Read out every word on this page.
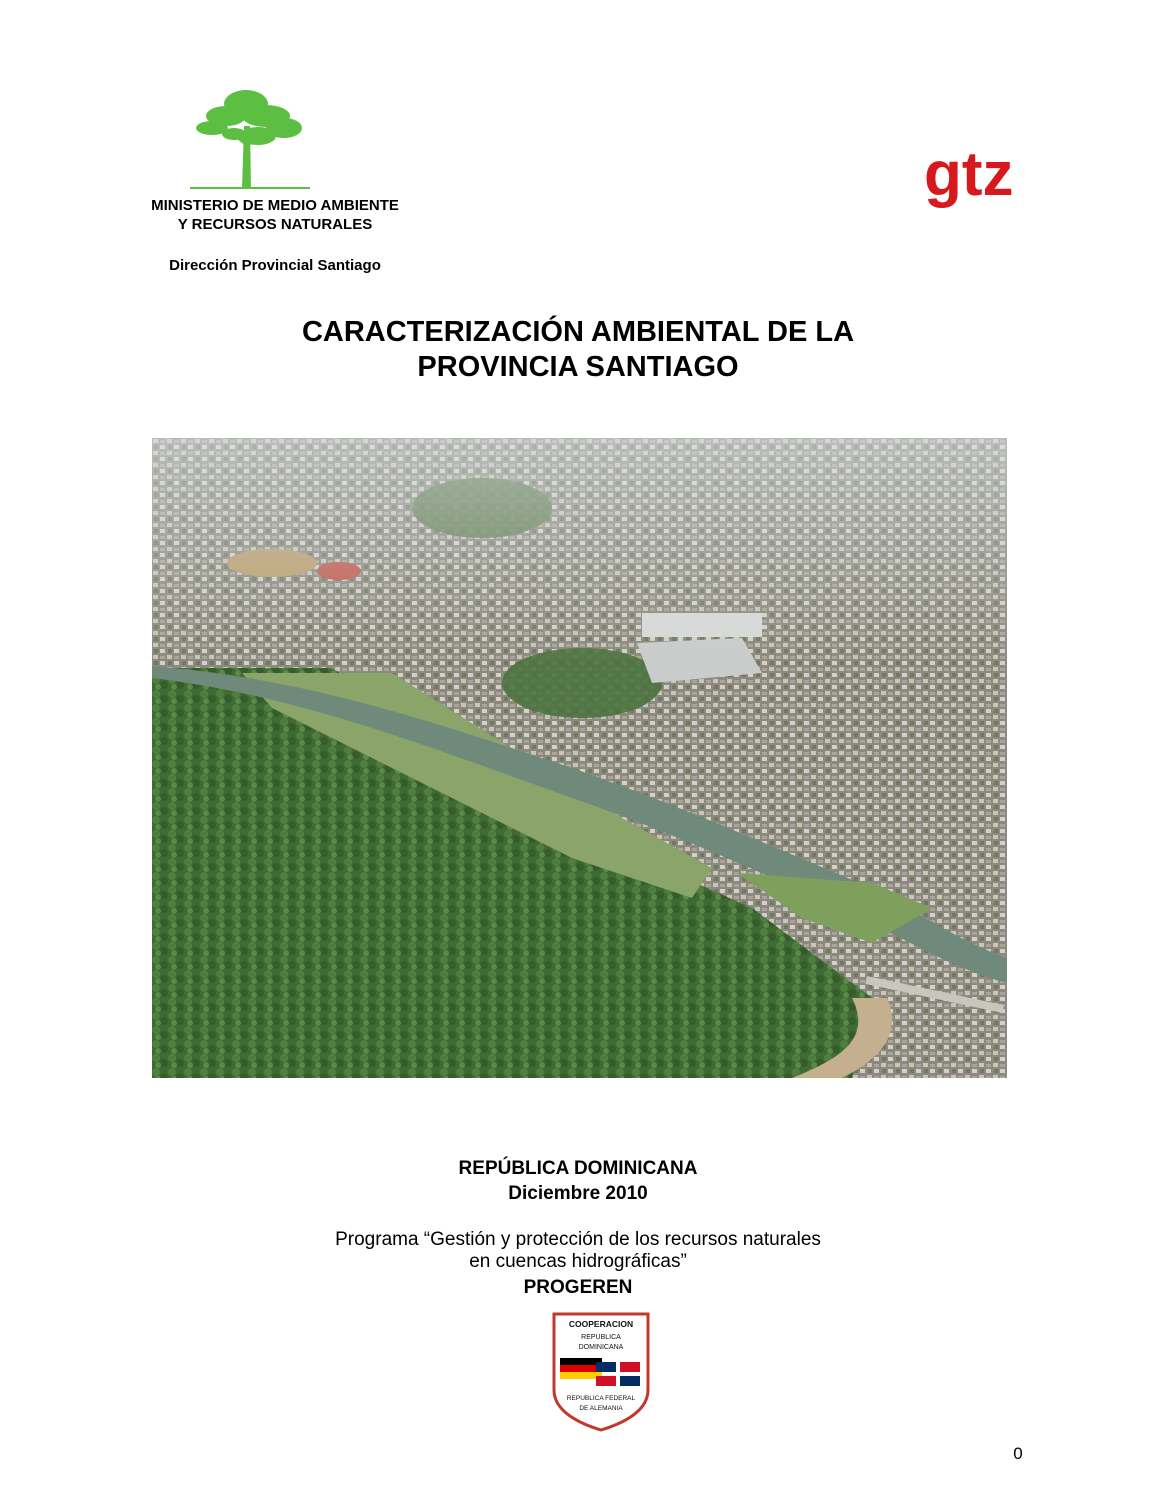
MINISTERIO DE MEDIO AMBIENTE
Y RECURSOS NATURALES
Dirección Provincial Santiago
gtz
CARACTERIZACIÓN AMBIENTAL DE LA
PROVINCIA SANTIAGO
REPÚBLICA DOMINICANA
Diciembre 2010
Programa “Gestión y protección de los recursos naturales
en cuencas hidrográficas”
PROGEREN
COOPERACION
REPUBLICA
DOMINICANA
REPUBLICA FEDERAL
DE ALEMANIA
0
